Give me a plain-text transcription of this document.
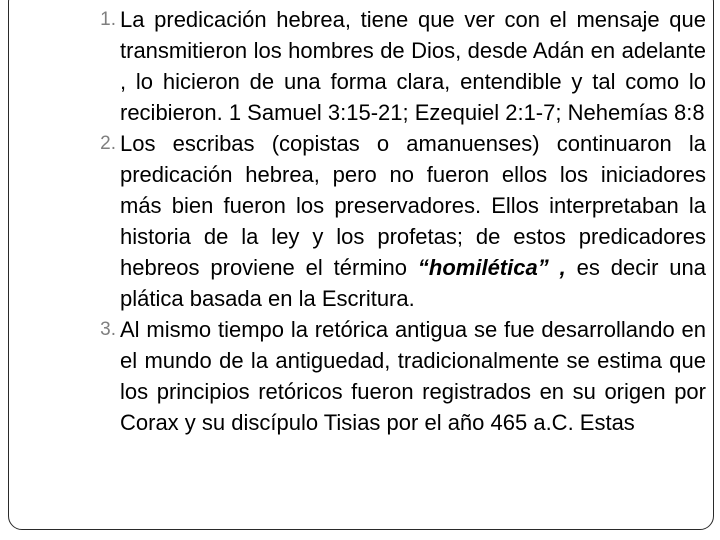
1. La predicación hebrea, tiene que ver con el mensaje que transmitieron los hombres de Dios, desde Adán en adelante , lo hicieron de una forma clara, entendible y tal como lo recibieron. 1 Samuel 3:15-21; Ezequiel 2:1-7; Nehemías 8:8
2. Los escribas (copistas o amanuenses) continuaron la predicación hebrea, pero no fueron ellos los iniciadores más bien fueron los preservadores. Ellos interpretaban la historia de la ley y los profetas; de estos predicadores hebreos proviene el término “homilética” , es decir una plática basada en la Escritura.
3. Al mismo tiempo la retórica antigua se fue desarrollando en el mundo de la antiguedad, tradicionalmente se estima que los principios retóricos fueron registrados en su origen por Corax y su discípulo Tisias por el año 465 a.C. Estas
